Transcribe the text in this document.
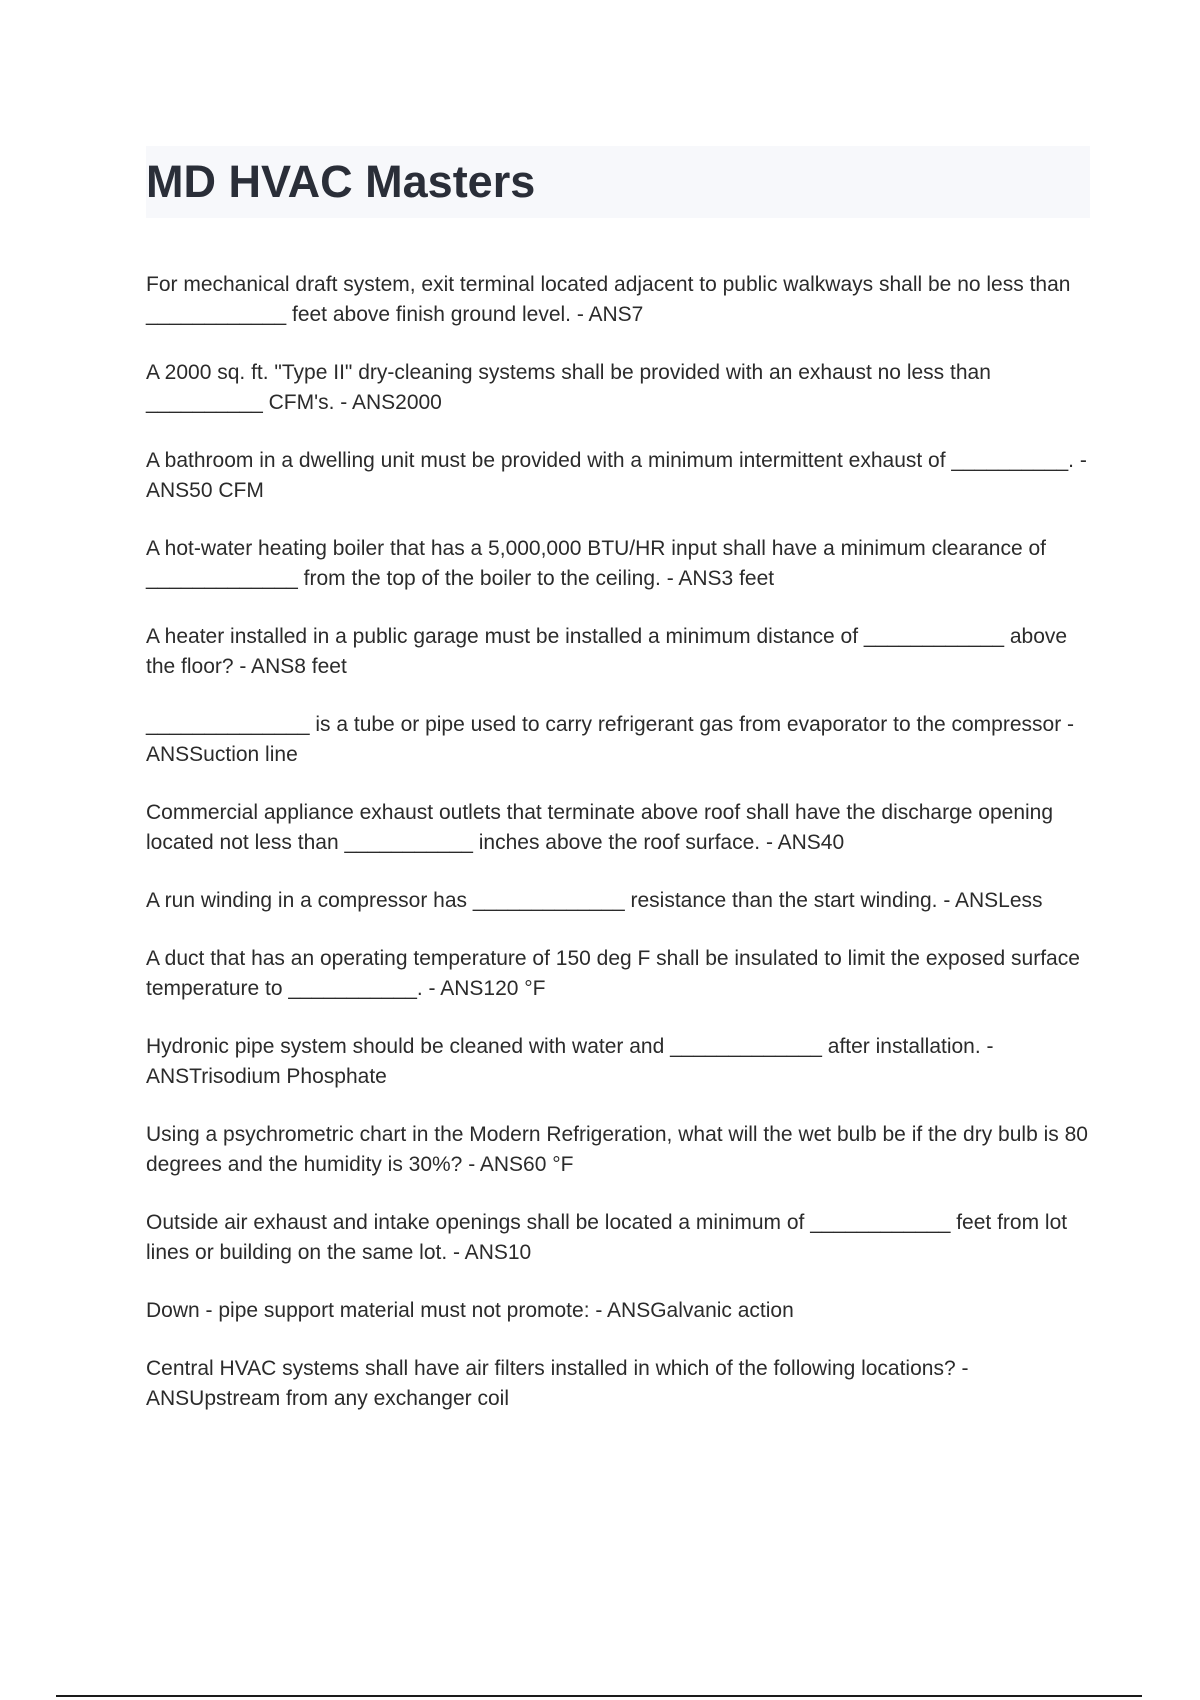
MD HVAC Masters
For mechanical draft system, exit terminal located adjacent to public walkways shall be no less than ____________ feet above finish ground level. - ANS7
A 2000 sq. ft. "Type II" dry-cleaning systems shall be provided with an exhaust no less than __________ CFM's. - ANS2000
A bathroom in a dwelling unit must be provided with a minimum intermittent exhaust of __________. - ANS50 CFM
A hot-water heating boiler that has a 5,000,000 BTU/HR input shall have a minimum clearance of _____________ from the top of the boiler to the ceiling. - ANS3 feet
A heater installed in a public garage must be installed a minimum distance of ____________ above the floor? - ANS8 feet
______________ is a tube or pipe used to carry refrigerant gas from evaporator to the compressor - ANSSuction line
Commercial appliance exhaust outlets that terminate above roof shall have the discharge opening located not less than ___________ inches above the roof surface. - ANS40
A run winding in a compressor has _____________ resistance than the start winding. - ANSLess
A duct that has an operating temperature of 150 deg F shall be insulated to limit the exposed surface temperature to ___________. - ANS120 °F
Hydronic pipe system should be cleaned with water and _____________ after installation. - ANSTrisodium Phosphate
Using a psychrometric chart in the Modern Refrigeration, what will the wet bulb be if the dry bulb is 80 degrees and the humidity is 30%? - ANS60 °F
Outside air exhaust and intake openings shall be located a minimum of ____________ feet from lot lines or building on the same lot. - ANS10
Down - pipe support material must not promote: - ANSGalvanic action
Central HVAC systems shall have air filters installed in which of the following locations? - ANSUpstream from any exchanger coil
